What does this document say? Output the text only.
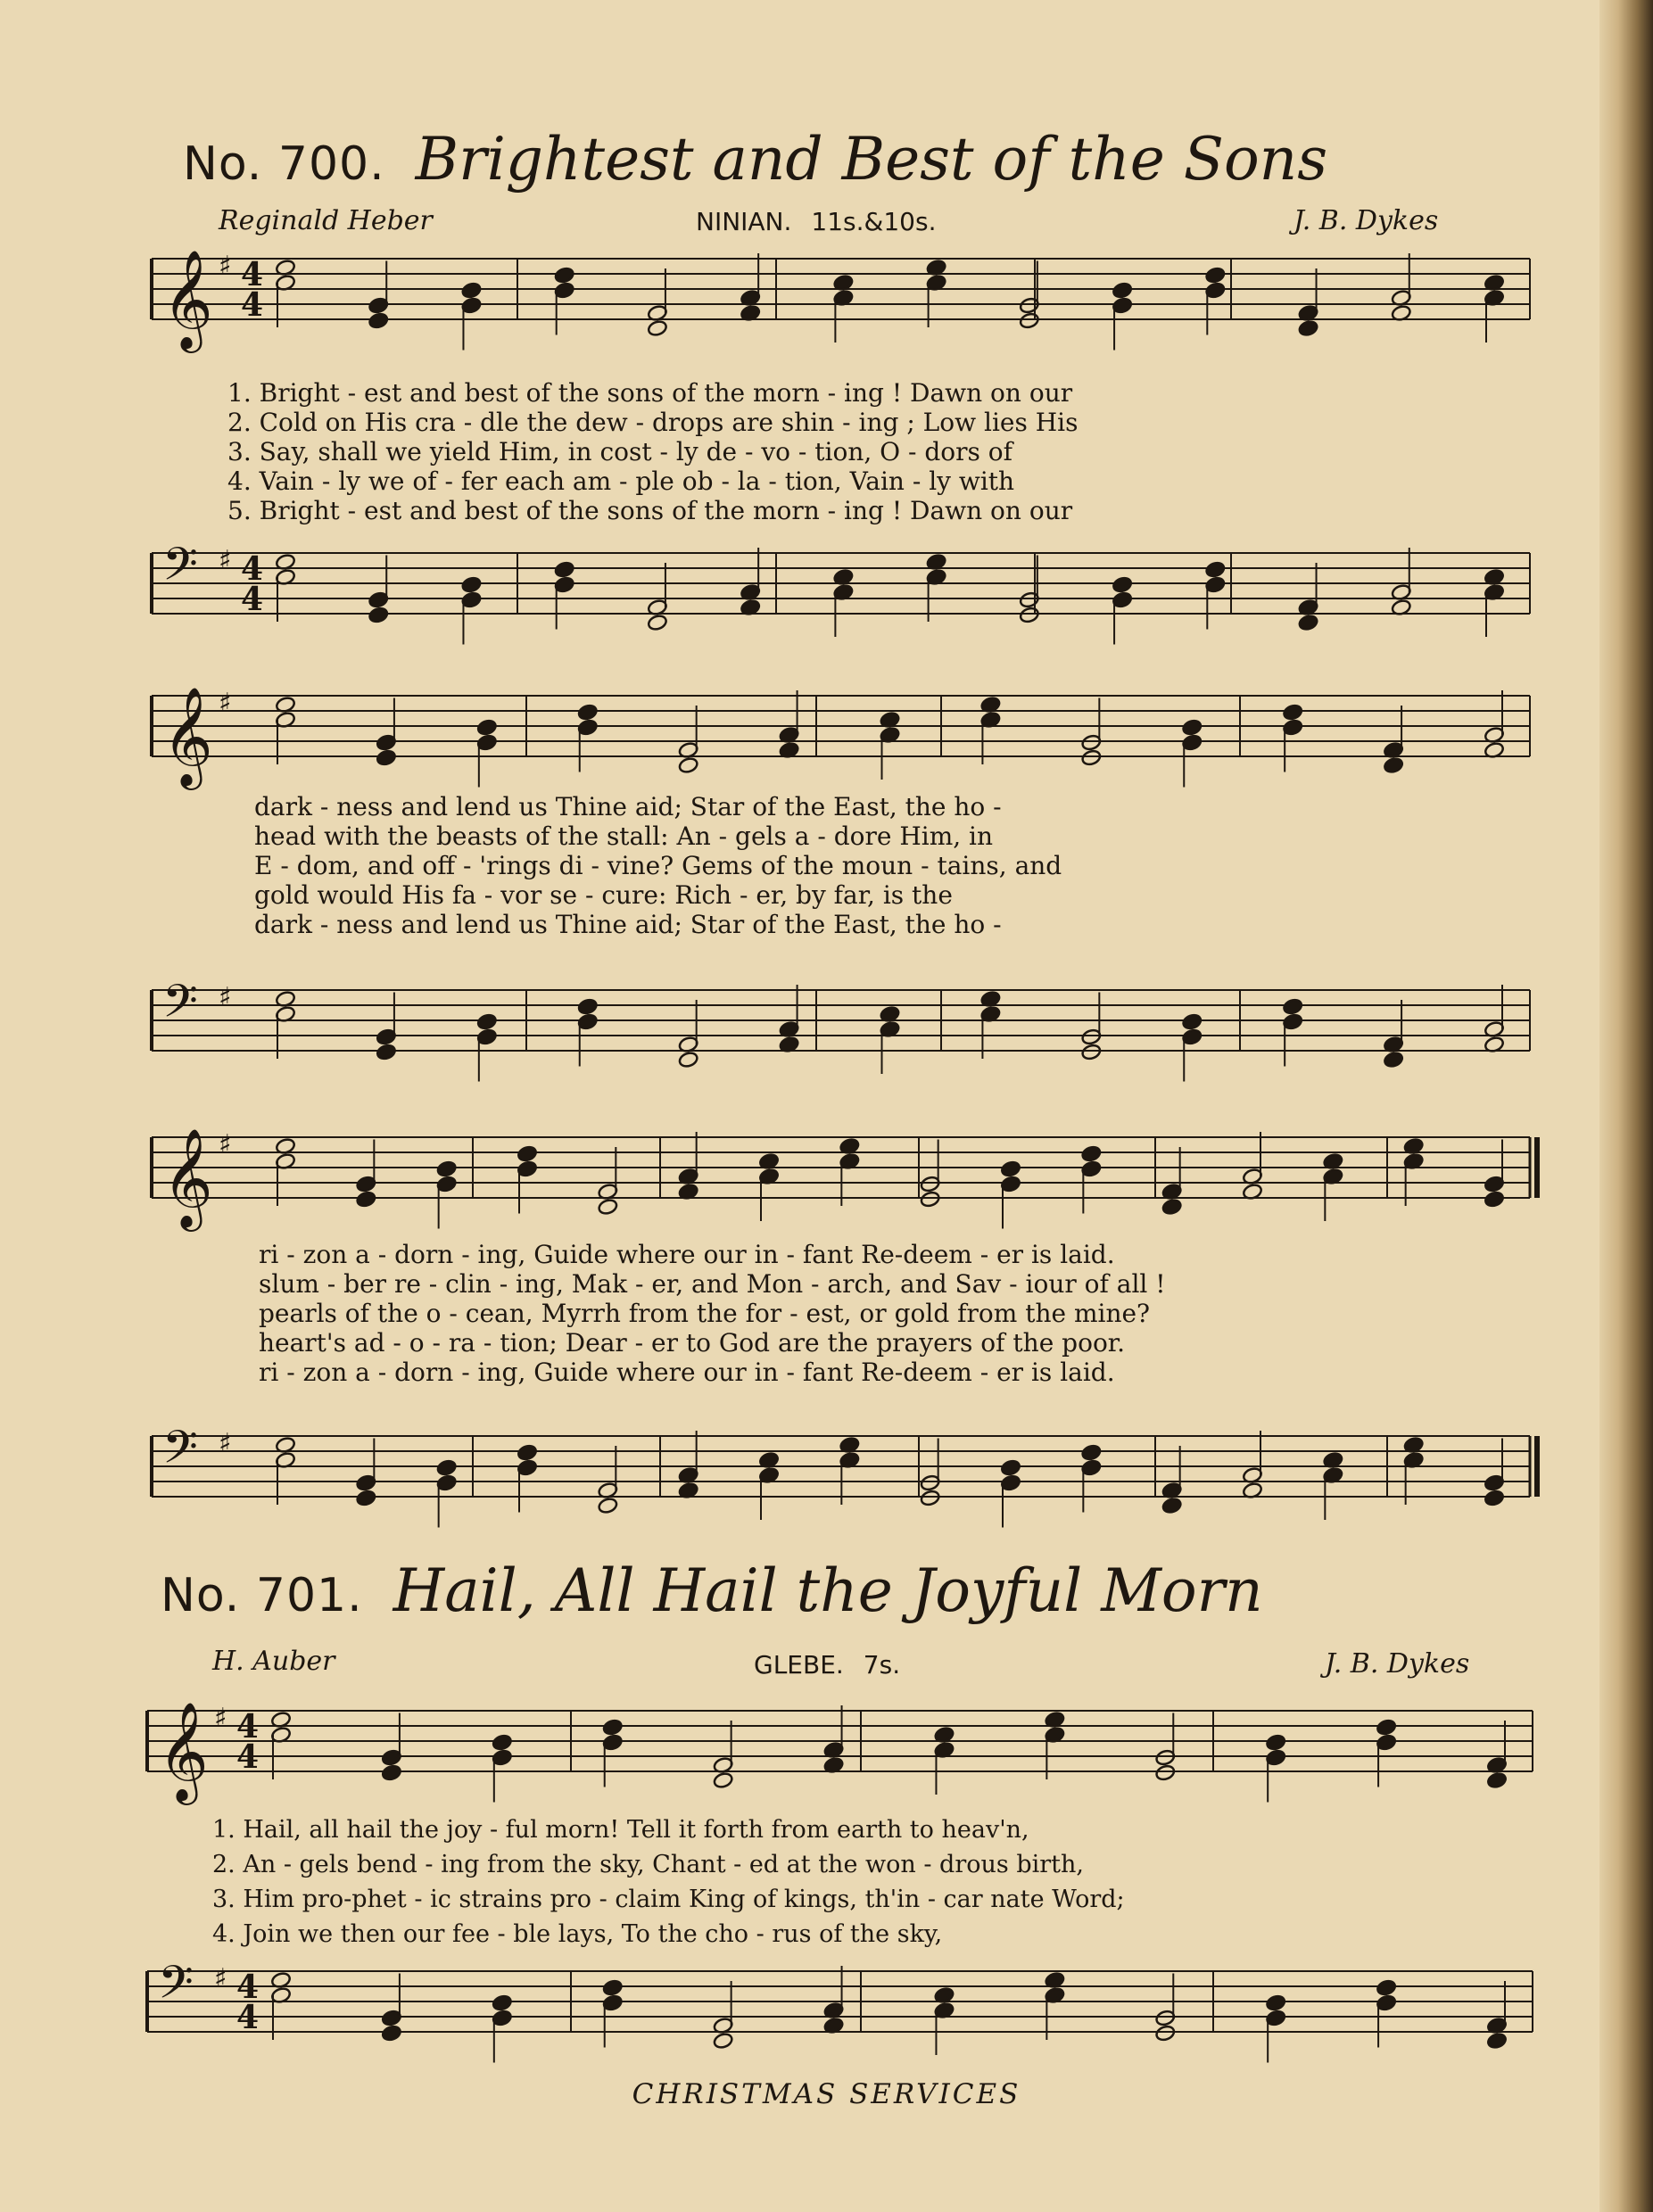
No. 700. Brightest and Best of the Sons
Reginald Heber	NINIAN. 11s.&10s.	J. B. Dykes
𝄞 ♯ 4
4
1. Bright - est and best of the sons of the morn - ing ! Dawn on our
2. Cold on His cra - dle the dew - drops are shin - ing ; Low lies His
3. Say, shall we yield Him, in cost - ly de - vo - tion, O - dors of
4. Vain - ly we of - fer each am - ple ob - la - tion, Vain - ly with
5. Bright - est and best of the sons of the morn - ing ! Dawn on our
𝄢 ♯ 4
4
𝄞 ♯
dark - ness and lend us Thine aid; Star of the East, the ho -
head with the beasts of the stall: An - gels a - dore Him, in
E - dom, and off - 'rings di - vine? Gems of the moun - tains, and
gold would His fa - vor se - cure: Rich - er, by far, is the
dark - ness and lend us Thine aid; Star of the East, the ho -
𝄢 ♯
𝄞 ♯
ri - zon a - dorn - ing, Guide where our in - fant Re-deem - er is laid.
slum - ber re - clin - ing, Mak - er, and Mon - arch, and Sav - iour of all !
pearls of the o - cean, Myrrh from the for - est, or gold from the mine?
heart's ad - o - ra - tion; Dear - er to God are the prayers of the poor.
ri - zon a - dorn - ing, Guide where our in - fant Re-deem - er is laid.
𝄢 ♯
No. 701. Hail, All Hail the Joyful Morn
H. Auber	GLEBE. 7s.	J. B. Dykes
𝄞 ♯ 4
4
1. Hail, all hail the joy - ful morn! Tell it forth from earth to heav'n,
2. An - gels bend - ing from the sky, Chant - ed at the won - drous birth,
3. Him pro-phet - ic strains pro - claim King of kings, th'in - car nate Word;
4. Join we then our fee - ble lays, To the cho - rus of the sky,
𝄢 ♯ 4
4
CHRISTMAS SERVICES
